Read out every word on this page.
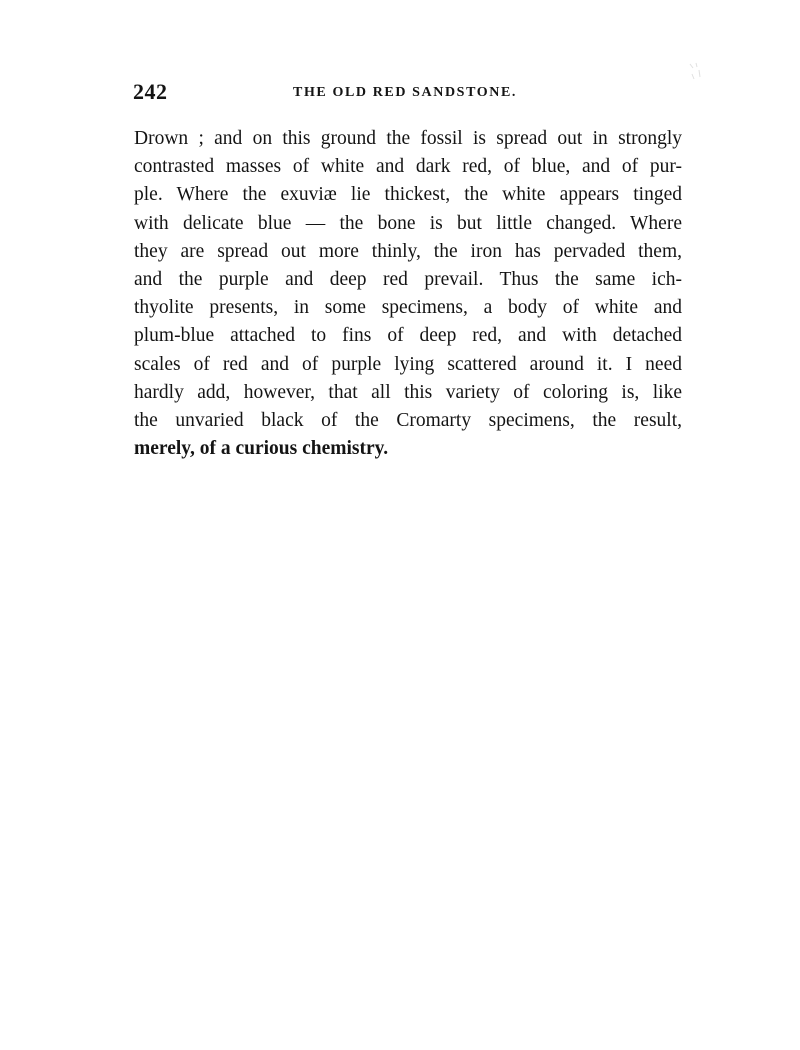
242	THE OLD RED SANDSTONE.
Drown ; and on this ground the fossil is spread out in strongly
contrasted masses of white and dark red, of blue, and of pur-
ple. Where the exuviæ lie thickest, the white appears tinged
with delicate blue — the bone is but little changed. Where
they are spread out more thinly, the iron has pervaded them,
and the purple and deep red prevail. Thus the same ich-
thyolite presents, in some specimens, a body of white and
plum-blue attached to fins of deep red, and with detached
scales of red and of purple lying scattered around it. I need
hardly add, however, that all this variety of coloring is, like
the unvaried black of the Cromarty specimens, the result,
merely, of a curious chemistry.
